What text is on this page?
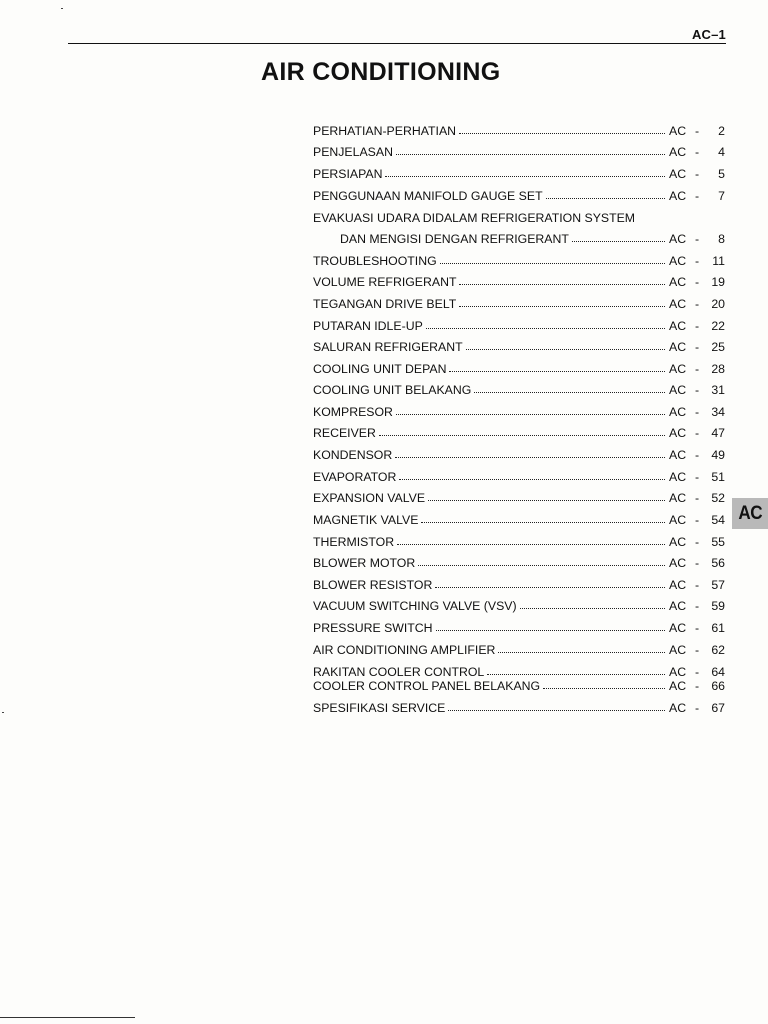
AC–1
AIR CONDITIONING
PERHATIAN-PERHATIAN	AC -	2
PENJELASAN	AC -	4
PERSIAPAN	AC -	5
PENGGUNAAN MANIFOLD GAUGE SET	AC -	7
EVAKUASI UDARA DIDALAM REFRIGERATION SYSTEM
DAN MENGISI DENGAN REFRIGERANT	AC -	8
TROUBLESHOOTING	AC -	11
VOLUME REFRIGERANT	AC - 19
TEGANGAN DRIVE BELT	AC - 20
PUTARAN IDLE-UP	AC - 22
SALURAN REFRIGERANT	AC - 25
COOLING UNIT DEPAN	AC - 28
COOLING UNIT BELAKANG	AC - 31
KOMPRESOR	AC - 34
RECEIVER	AC - 47
KONDENSOR	AC - 49
EVAPORATOR	AC - 51
EXPANSION VALVE	AC - 52
MAGNETIK VALVE	AC - 54
THERMISTOR	AC - 55
BLOWER MOTOR	AC - 56
BLOWER RESISTOR	AC - 57
VACUUM SWITCHING VALVE (VSV)	AC - 59
PRESSURE SWITCH	AC - 61
AIR CONDITIONING AMPLIFIER	AC - 62
RAKITAN COOLER CONTROL	AC - 64
COOLER CONTROL PANEL BELAKANG	AC - 66
SPESIFIKASI SERVICE	AC - 67
AC
